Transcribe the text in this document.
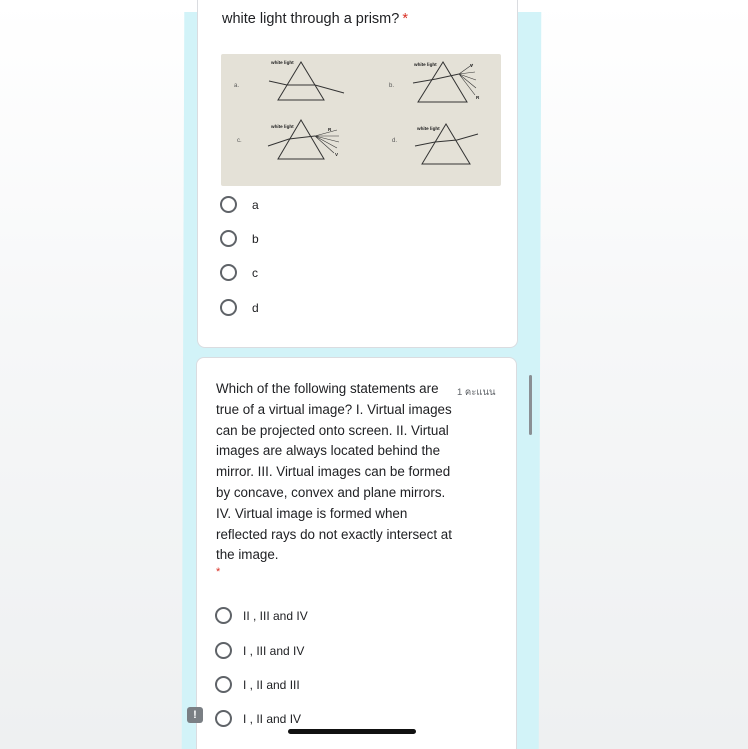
white light through a prism? *
a.	b.
c.	d.
white light	white light
white light	white light
V
R
R
V
a
b
c
d
Which of the following statements are true of a virtual image? I. Virtual images can be projected onto screen. II. Virtual images are always located behind the mirror. III. Virtual images can be formed by concave, convex and plane mirrors. IV. Virtual image is formed when reflected rays do not exactly intersect at the image.
1 คะแนน
*
II , III and IV
I , III and IV
I , II and III
I , II and IV
!
